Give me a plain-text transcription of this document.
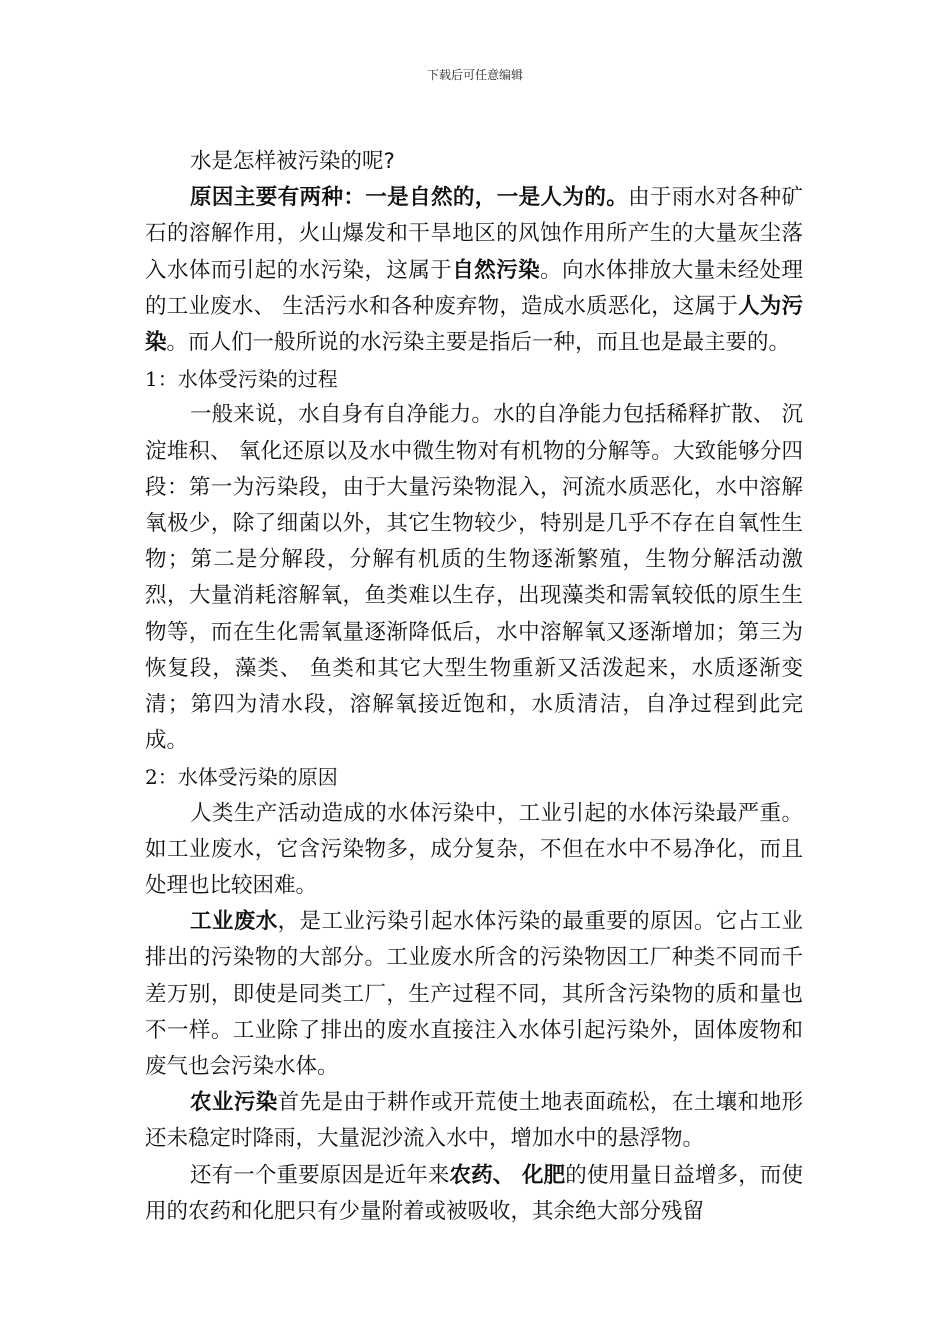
下载后可任意编辑

水是怎样被污染的呢?

原因主要有两种：一是自然的，一是人为的。由于雨水对各种矿石的溶解作用，火山爆发和干旱地区的风蚀作用所产生的大量灰尘落入水体而引起的水污染，这属于自然污染。向水体排放大量未经处理的工业废水、 生活污水和各种废弃物，造成水质恶化，这属于人为污染。而人们一般所说的水污染主要是指后一种，而且也是最主要的。

1：水体受污染的过程

一般来说，水自身有自净能力。水的自净能力包括稀释扩散、 沉淀堆积、 氧化还原以及水中微生物对有机物的分解等。大致能够分四段：第一为污染段，由于大量污染物混入，河流水质恶化，水中溶解氧极少，除了细菌以外，其它生物较少，特别是几乎不存在自氧性生物；第二是分解段，分解有机质的生物逐渐繁殖，生物分解活动激烈，大量消耗溶解氧，鱼类难以生存，出现藻类和需氧较低的原生生物等，而在生化需氧量逐渐降低后，水中溶解氧又逐渐增加；第三为恢复段，藻类、 鱼类和其它大型生物重新又活泼起来，水质逐渐变清；第四为清水段，溶解氧接近饱和，水质清洁，自净过程到此完成。

2：水体受污染的原因

人类生产活动造成的水体污染中，工业引起的水体污染最严重。如工业废水，它含污染物多，成分复杂，不但在水中不易净化，而且处理也比较困难。

工业废水，是工业污染引起水体污染的最重要的原因。它占工业排出的污染物的大部分。工业废水所含的污染物因工厂种类不同而千差万别，即使是同类工厂，生产过程不同，其所含污染物的质和量也不一样。工业除了排出的废水直接注入水体引起污染外，固体废物和废气也会污染水体。

农业污染首先是由于耕作或开荒使土地表面疏松，在土壤和地形还未稳定时降雨，大量泥沙流入水中，增加水中的悬浮物。

还有一个重要原因是近年来农药、 化肥的使用量日益增多，而使用的农药和化肥只有少量附着或被吸收，其余绝大部分残留
